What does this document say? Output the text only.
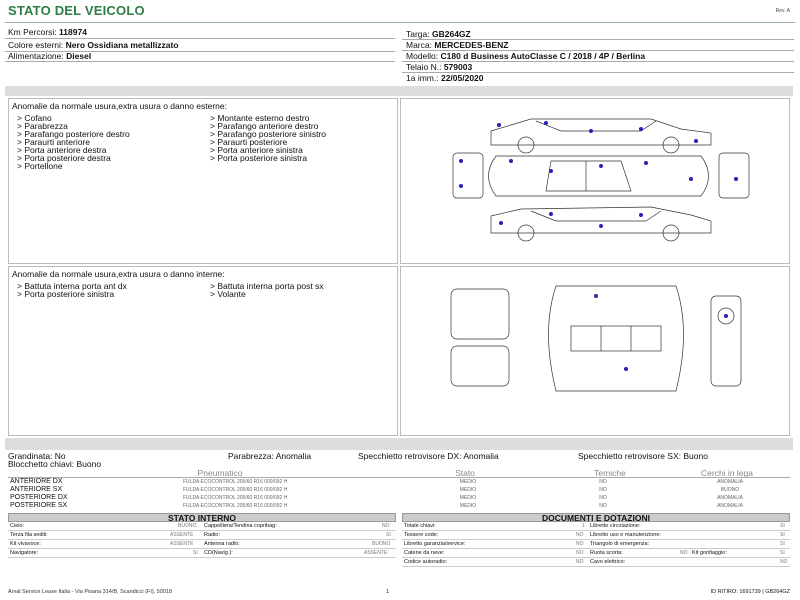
STATO DEL VEICOLO	Rev. A
Km Percorsi: 118974
Colore esterni: Nero Ossidiana metallizzato
Alimentazione: Diesel
Targa: GB264GZ
Marca: MERCEDES-BENZ
Modello: C180 d Business AutoClasse C / 2018 / 4P / Berlina
Telaio N.: 579003
1a imm.: 22/05/2020
Anomalie da normale usura,extra usura o danno esterne:
> Cofano
> Parabrezza
> Parafango posteriore destro
> Paraurti anteriore
> Porta anteriore destra
> Porta posteriore destra
> Portellone
> Montante esterno destro
> Parafango anteriore destro
> Parafango posteriore sinistro
> Paraurti posteriore
> Porta anteriore sinistra
> Porta posteriore sinistra
Anomalie da normale usura,extra usura o danno interne:
> Battuta interna porta ant dx
> Porta posteriore sinistra
> Battuta interna porta post sx
> Volante
Grandinata: No	Parabrezza: Anomalia	Specchietto retrovisore DX: Anomalia	Specchietto retrovisore SX: Buono
Blocchetto chiavi: Buono
Pneumatico	Stato	Temiche	Cerchi in lega
ANTERIORE DX	FULDA ECOCONTROL 205/60 R16 000/092 H	MEDIO	NO	ANOMALIA
ANTERIORE SX	FULDA ECOCONTROL 205/60 R16 000/092 H	MEDIO	NO	BUONO
POSTERIORE DX	FULDA ECOCONTROL 205/60 R16 000/092 H	MEDIO	NO	ANOMALIA
POSTERIORE SX	FULDA ECOCONTROL 205/60 R16 000/092 H	MEDIO	NO	ANOMALIA
STATO INTERNO
Cielo:	BUONO Cappelliera/Tendina copribag:	NO
Terza fila sedili:	ASSENTE Radio:	SI
Kit vivavoce:	ASSENTE Antenna radio:	BUONO
Navigatore:	SI CD(Navig.):	ASSENTE
DOCUMENTI E DOTAZIONI
Totale chiavi:	1 Libretto circolazione:	SI
Tessere code:	NO Libretto uso e manutenzione:	SI
Libretto garanzia/service:	NO Triangolo di emergenza:	SI
Catene da neve:	NO Ruota scorta:	NO Kit gonfiaggio:	SI
Codice autoradio:	NO Cavo elettrico:	NO
Arval Service Lease Italia - Via Pisana 314/B, Scandicci (FI), 50018	1	ID RITIRO: 1691739 | GB264GZ
